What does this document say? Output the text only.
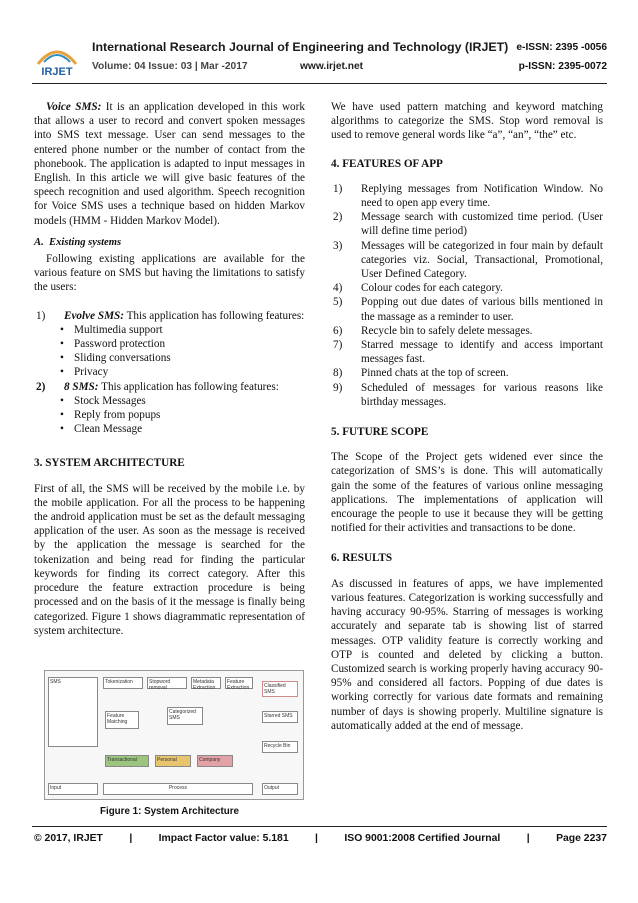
IRJET
International Research Journal of Engineering and Technology (IRJET) e-ISSN: 2395 -0056
Volume: 04 Issue: 03 | Mar -2017	www.irjet.net	p-ISSN: 2395-0072

Voice SMS: It is an application developed in this work that allows a user to record and convert spoken messages into SMS text message. User can send messages to the entered phone number or the number of contact from the phonebook. The application is adapted to input messages in English. In this article we will give basic features of the speech recognition and used algorithm. Speech recognition for Voice SMS uses a technique based on hidden Markov models (HMM - Hidden Markov Model).

A. Existing systems

Following existing applications are available for the various feature on SMS but having the limitations to satisfy the users:

1) Evolve SMS: This application has following features:
• Multimedia support
• Password protection
• Sliding conversations
• Privacy
2) 8 SMS: This application has following features:
• Stock Messages
• Reply from popups
• Clean Message
3. SYSTEM ARCHITECTURE

First of all, the SMS will be received by the mobile i.e. by the mobile application. For all the process to be happening the android application must be set as the default messaging application of the user. As soon as the message is received by the application the message is searched for the tokenization and being read for finding the particular keywords for finding its correct category. After this procedure the feature extraction procedure is being processed and on the basis of it the message is finally being categorized. Figure 1 shows diagrammatic representation of system architecture.

SMS	Tokenization	Stopword removal
Metadata Extraction
Feature Extraction	Classified SMS
Feature Matching
Categorized SMS	Starred SMS
Recycle Bin
Transactional	Personal	Company
Input	Process	Output
Figure 1: System Architecture

We have used pattern matching and keyword matching algorithms to categorize the SMS. Stop word removal is used to remove general words like “a”, “an”, “the” etc.

4. FEATURES OF APP
1) Replying messages from Notification Window. No need to open app every time.
2) Message search with customized time period. (User will define time period)
3) Messages will be categorized in four main by default categories viz. Social, Transactional, Promotional, User Defined Category.
4) Colour codes for each category.
5) Popping out due dates of various bills mentioned in the massage as a reminder to user.
6) Recycle bin to safely delete messages.
7) Starred message to identify and access important messages fast.
8) Pinned chats at the top of screen.
9) Scheduled of messages for various reasons like birthday messages.
5. FUTURE SCOPE

The Scope of the Project gets widened ever since the categorization of SMS’s is done. This will automatically gain the some of the features of various online messaging applications. The implementations of application will encourage the people to use it because they will be getting notified for their activities and transactions to be done.

6. RESULTS

As discussed in features of apps, we have implemented various features. Categorization is working successfully and having accuracy 90-95%. Starring of messages is working accurately and separate tab is showing list of starred messages. OTP validity feature is correctly working and OTP is counted and deleted by clicking a button. Customized search is working properly having accuracy 90-95% and considered all factors. Popping of due dates is working correctly for various date formats and remaining number of days is showing properly. Multiline signature is automatically added at the end of message.

© 2017, IRJET	|	Impact Factor value: 5.181	|	ISO 9001:2008 Certified Journal	|	Page 2237
